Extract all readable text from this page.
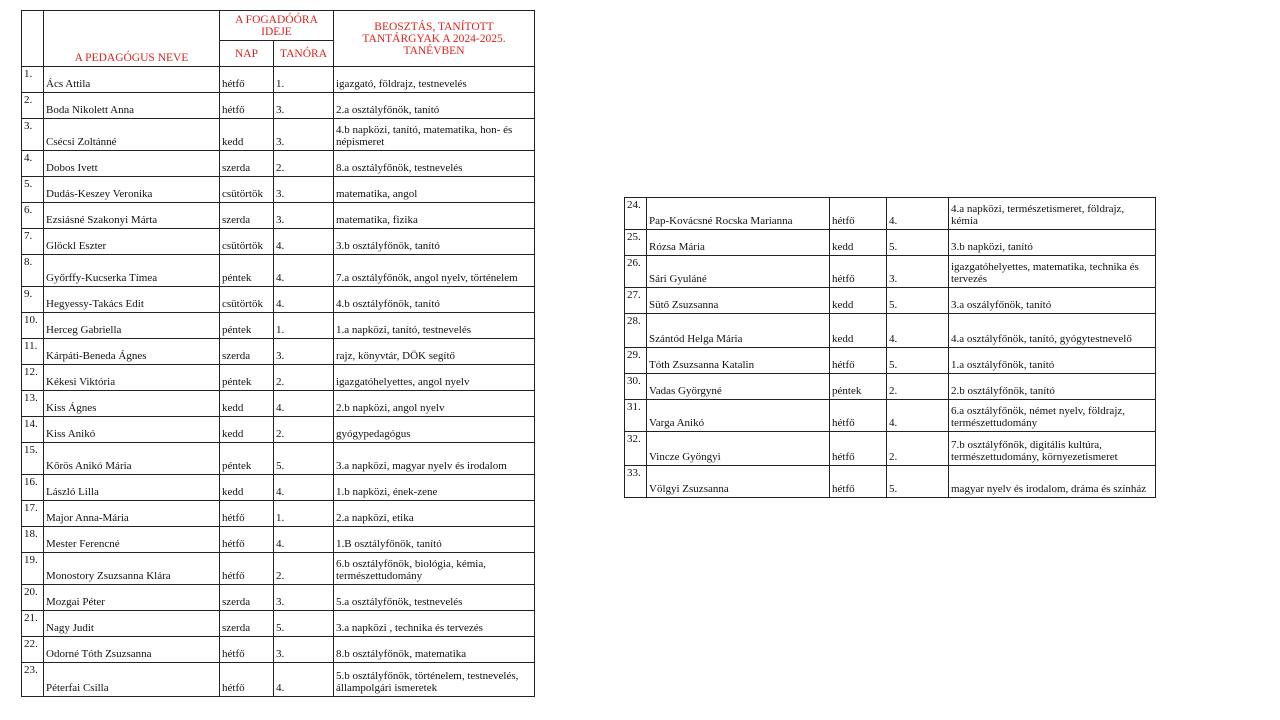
	A PEDAGÓGUS NEVE	A FOGADÓÓRA IDEJE		BEOSZTÁS, TANÍTOTT TANTÁRGYAK A 2024-2025. TANÉVBEN
		NAP	TANÓRA	
1.	Ács Attila	hétfő	1.	igazgató, földrajz, testnevelés
2.	Boda Nikolett Anna	hétfő	3.	2.a osztályfőnök, tanító
3.	Csécsi Zoltánné	kedd	3.	4.b napközi, tanító, matematika, hon- és népismeret
4.	Dobos Ivett	szerda	2.	8.a osztályfőnök, testnevelés
5.	Dudás-Keszey Veronika	csütörtök	3.	matematika, angol
6.	Ezsiásné Szakonyi Márta	szerda	3.	matematika, fizika
7.	Glöckl Eszter	csütörtök	4.	3.b osztályfőnök, tanító
8.	Győrffy-Kucserka Tímea	péntek	4.	7.a osztályfőnök, angol nyelv, történelem
9.	Hegyessy-Takács Edit	csütörtök	4.	4.b osztályfőnök, tanító
10.	Herceg Gabriella	péntek	1.	1.a napközi, tanító, testnevelés
11.	Kárpáti-Beneda Ágnes	szerda	3.	rajz, könyvtár, DÖK segítő
12.	Kékesi Viktória	péntek	2.	igazgatóhelyettes, angol nyelv
13.	Kiss Ágnes	kedd	4.	2.b napközi, angol nyelv
14.	Kiss Anikó	kedd	2.	gyógypedagógus
15.	Kőrös Anikó Mária	péntek	5.	3.a napközi, magyar nyelv és irodalom
16.	László Lilla	kedd	4.	1.b napközi, ének-zene
17.	Major Anna-Mária	hétfő	1.	2.a napközi, etika
18.	Mester Ferencné	hétfő	4.	1.B osztályfőnök, tanító
19.	Monostory Zsuzsanna Klára	hétfő	2.	6.b osztályfőnök, biológia, kémia, természettudomány
20.	Mozgai Péter	szerda	3.	5.a osztályfőnök, testnevelés
21.	Nagy Judit	szerda	5.	3.a napközi , technika és tervezés
22.	Odorné Tóth Zsuzsanna	hétfő	3.	8.b osztályfőnök, matematika
23.	Péterfai Csilla	hétfő	4.	5.b osztályfőnök, történelem, testnevelés, állampolgári ismeretek
24.	Pap-Kovácsné Rocska Marianna	hétfő	4.	4.a napközi, természetismeret, földrajz, kémia
25.	Rózsa Mária	kedd	5.	3.b napközi, tanító
26.	Sári Gyuláné	hétfő	3.	igazgatóhelyettes, matematika, technika és tervezés
27.	Sütő Zsuzsanna	kedd	5.	3.a oszályfőnök, tanító
28.	Szántód Helga Mária	kedd	4.	4.a osztályfőnök, tanító, gyógytestnevelő
29.	Tóth Zsuzsanna Katalin	hétfő	5.	1.a osztályfőnök, tanító
30.	Vadas Györgyné	péntek	2.	2.b osztályfőnök, tanító
31.	Varga Anikó	hétfő	4.	6.a osztályfőnök, német nyelv, földrajz, természettudomány
32.	Vincze Gyöngyi	hétfő	2.	7.b osztályfőnök, digitális kultúra, természettudomány, környezetismeret
33.	Völgyi Zsuzsanna	hétfő	5.	magyar nyelv és irodalom, dráma és színház
